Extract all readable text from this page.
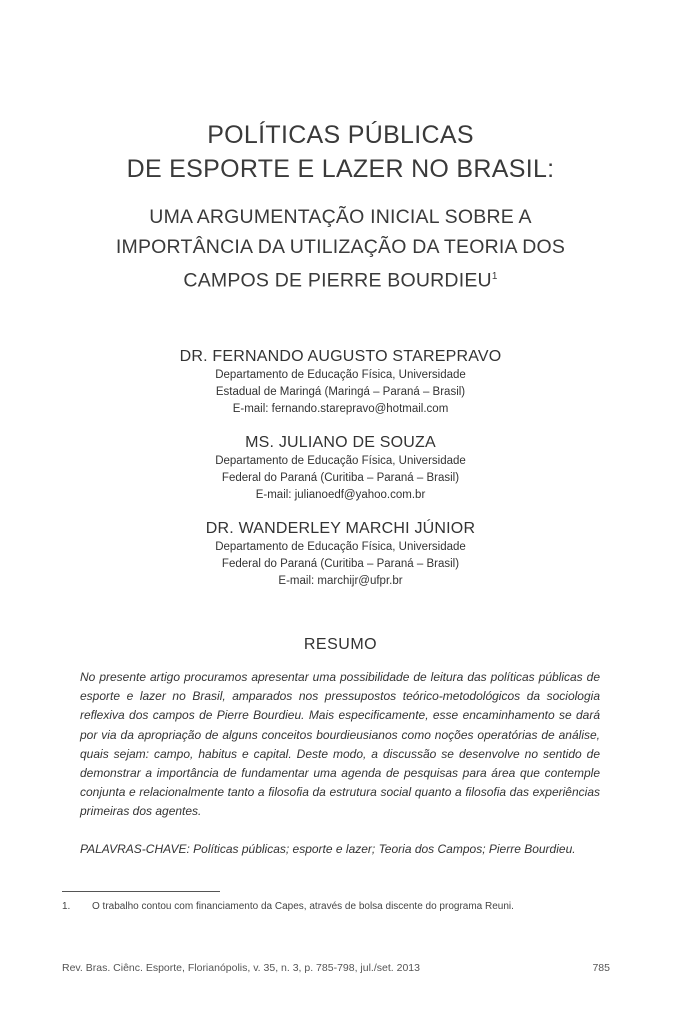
POLÍTICAS PÚBLICAS
DE ESPORTE E LAZER NO BRASIL:
UMA ARGUMENTAÇÃO INICIAL SOBRE A
IMPORTÂNCIA DA UTILIZAÇÃO DA TEORIA DOS
CAMPOS DE PIERRE BOURDIEU$^1$
DR. FERNANDO AUGUSTO STAREPRAVO
Departamento de Educação Física, Universidade
Estadual de Maringá (Maringá – Paraná – Brasil)
E-mail: fernando.starepravo@hotmail.com
MS. JULIANO DE SOUZA
Departamento de Educação Física, Universidade
Federal do Paraná (Curitiba – Paraná – Brasil)
E-mail: julianoedf@yahoo.com.br
DR. WANDERLEY MARCHI JÚNIOR
Departamento de Educação Física, Universidade
Federal do Paraná (Curitiba – Paraná – Brasil)
E-mail: marchijr@ufpr.br
RESUMO
No presente artigo procuramos apresentar uma possibilidade de leitura das políticas públicas de esporte e lazer no Brasil, amparados nos pressupostos teórico-metodológicos da sociologia reflexiva dos campos de Pierre Bourdieu. Mais especificamente, esse encaminhamento se dará por via da apropriação de alguns conceitos bourdieusianos como noções operatórias de análise, quais sejam: campo, habitus e capital. Deste modo, a discussão se desenvolve no sentido de demonstrar a importância de fundamentar uma agenda de pesquisas para área que contemple conjunta e relacionalmente tanto a filosofia da estrutura social quanto a filosofia das experiências primeiras dos agentes.
PALAVRAS-CHAVE: Políticas públicas; esporte e lazer; Teoria dos Campos; Pierre Bourdieu.
1. O trabalho contou com financiamento da Capes, através de bolsa discente do programa Reuni.
Rev. Bras. Ciênc. Esporte, Florianópolis, v. 35, n. 3, p. 785-798, jul./set. 2013	785
